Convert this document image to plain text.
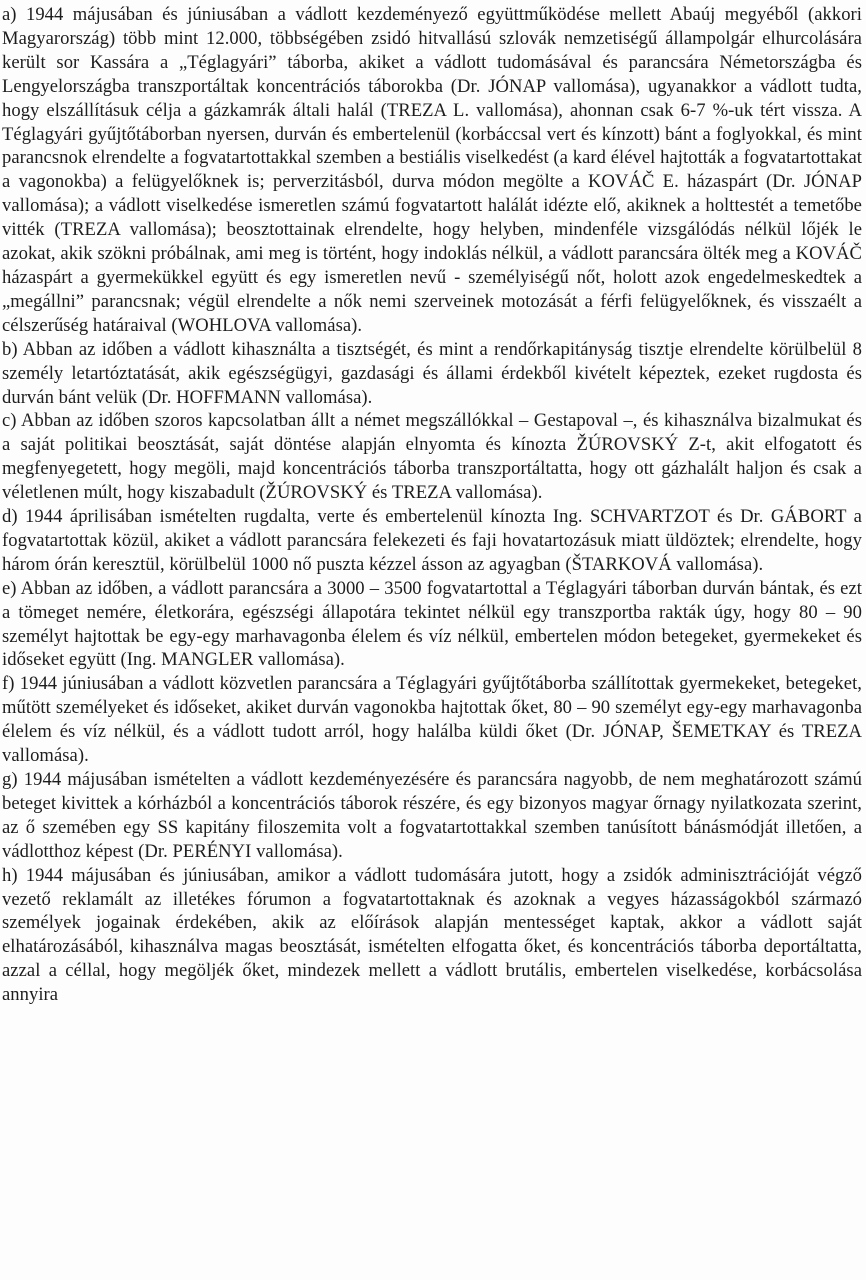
a) 1944 májusában és júniusában a vádlott kezdeményező együttműködése mellett Abaúj megyéből (akkori Magyarország) több mint 12.000, többségében zsidó hitvallású szlovák nemzetiségű állampolgár elhurcolására került sor Kassára a „Téglagyári” táborba, akiket a vádlott tudomásával és parancsára Németországba és Lengyelországba transzportáltak koncentrációs táborokba (Dr. JÓNAP vallomása), ugyanakkor a vádlott tudta, hogy elszállításuk célja a gázkamrák általi halál (TREZA L. vallomása), ahonnan csak 6-7 %-uk tért vissza. A Téglagyári gyűjtőtáborban nyersen, durván és embertelenül (korbáccsal vert és kínzott) bánt a foglyokkal, és mint parancsnok elrendelte a fogvatartottakkal szemben a bestiális viselkedést (a kard élével hajtották a fogvatartottakat a vagonokba) a felügyelőknek is; perverzitásból, durva módon megölte a KOVÁČ E. házaspárt (Dr. JÓNAP vallomása); a vádlott viselkedése ismeretlen számú fogvatartott halálát idézte elő, akiknek a holttestét a temetőbe vitték (TREZA vallomása); beosztottainak elrendelte, hogy helyben, mindenféle vizsgálódás nélkül lőjék le azokat, akik szökni próbálnak, ami meg is történt, hogy indoklás nélkül, a vádlott parancsára ölték meg a KOVÁČ házaspárt a gyermekükkel együtt és egy ismeretlen nevű - személyiségű nőt, holott azok engedelmeskedtek a „megállni” parancsnak; végül elrendelte a nők nemi szerveinek motozását a férfi felügyelőknek, és visszaélt a célszerűség határaival (WOHLOVA vallomása).

b) Abban az időben a vádlott kihasználta a tisztségét, és mint a rendőrkapitányság tisztje elrendelte körülbelül 8 személy letartóztatását, akik egészségügyi, gazdasági és állami érdekből kivételt képeztek, ezeket rugdosta és durván bánt velük (Dr. HOFFMANN vallomása).

c) Abban az időben szoros kapcsolatban állt a német megszállókkal – Gestapoval –, és kihasználva bizalmukat és a saját politikai beosztását, saját döntése alapján elnyomta és kínozta ŽÚROVSKÝ Z-t, akit elfogatott és megfenyegetett, hogy megöli, majd koncentrációs táborba transzportáltatta, hogy ott gázhalált haljon és csak a véletlenen múlt, hogy kiszabadult (ŽÚROVSKÝ és TREZA vallomása).

d) 1944 áprilisában ismételten rugdalta, verte és embertelenül kínozta Ing. SCHVARTZOT és Dr. GÁBORT a fogvatartottak közül, akiket a vádlott parancsára felekezeti és faji hovatartozásuk miatt üldöztek; elrendelte, hogy három órán keresztül, körülbelül 1000 nő puszta kézzel ásson az agyagban (ŠTARKOVÁ vallomása).

e) Abban az időben, a vádlott parancsára a 3000 – 3500 fogvatartottal a Téglagyári táborban durván bántak, és ezt a tömeget nemére, életkorára, egészségi állapotára tekintet nélkül egy transzportba rakták úgy, hogy 80 – 90 személyt hajtottak be egy-egy marhavagonba élelem és víz nélkül, embertelen módon betegeket, gyermekeket és időseket együtt (Ing. MANGLER vallomása).

f) 1944 júniusában a vádlott közvetlen parancsára a Téglagyári gyűjtőtáborba szállítottak gyermekeket, betegeket, műtött személyeket és időseket, akiket durván vagonokba hajtottak őket, 80 – 90 személyt egy-egy marhavagonba élelem és víz nélkül, és a vádlott tudott arról, hogy halálba küldi őket (Dr. JÓNAP, ŠEMETKAY és TREZA vallomása).

g) 1944 májusában ismételten a vádlott kezdeményezésére és parancsára nagyobb, de nem meghatározott számú beteget kivittek a kórházból a koncentrációs táborok részére, és egy bizonyos magyar őrnagy nyilatkozata szerint, az ő szemében egy SS kapitány filoszemita volt a fogvatartottakkal szemben tanúsított bánásmódját illetően, a vádlotthoz képest (Dr. PERÉNYI vallomása).

h) 1944 májusában és júniusában, amikor a vádlott tudomására jutott, hogy a zsidók adminisztrációját végző vezető reklamált az illetékes fórumon a fogvatartottaknak és azoknak a vegyes házasságokból származó személyek jogainak érdekében, akik az előírások alapján mentességet kaptak, akkor a vádlott saját elhatározásából, kihasználva magas beosztását, ismételten elfogatta őket, és koncentrációs táborba deportáltatta, azzal a céllal, hogy megöljék őket, mindezek mellett a vádlott brutális, embertelen viselkedése, korbácsolása annyira
